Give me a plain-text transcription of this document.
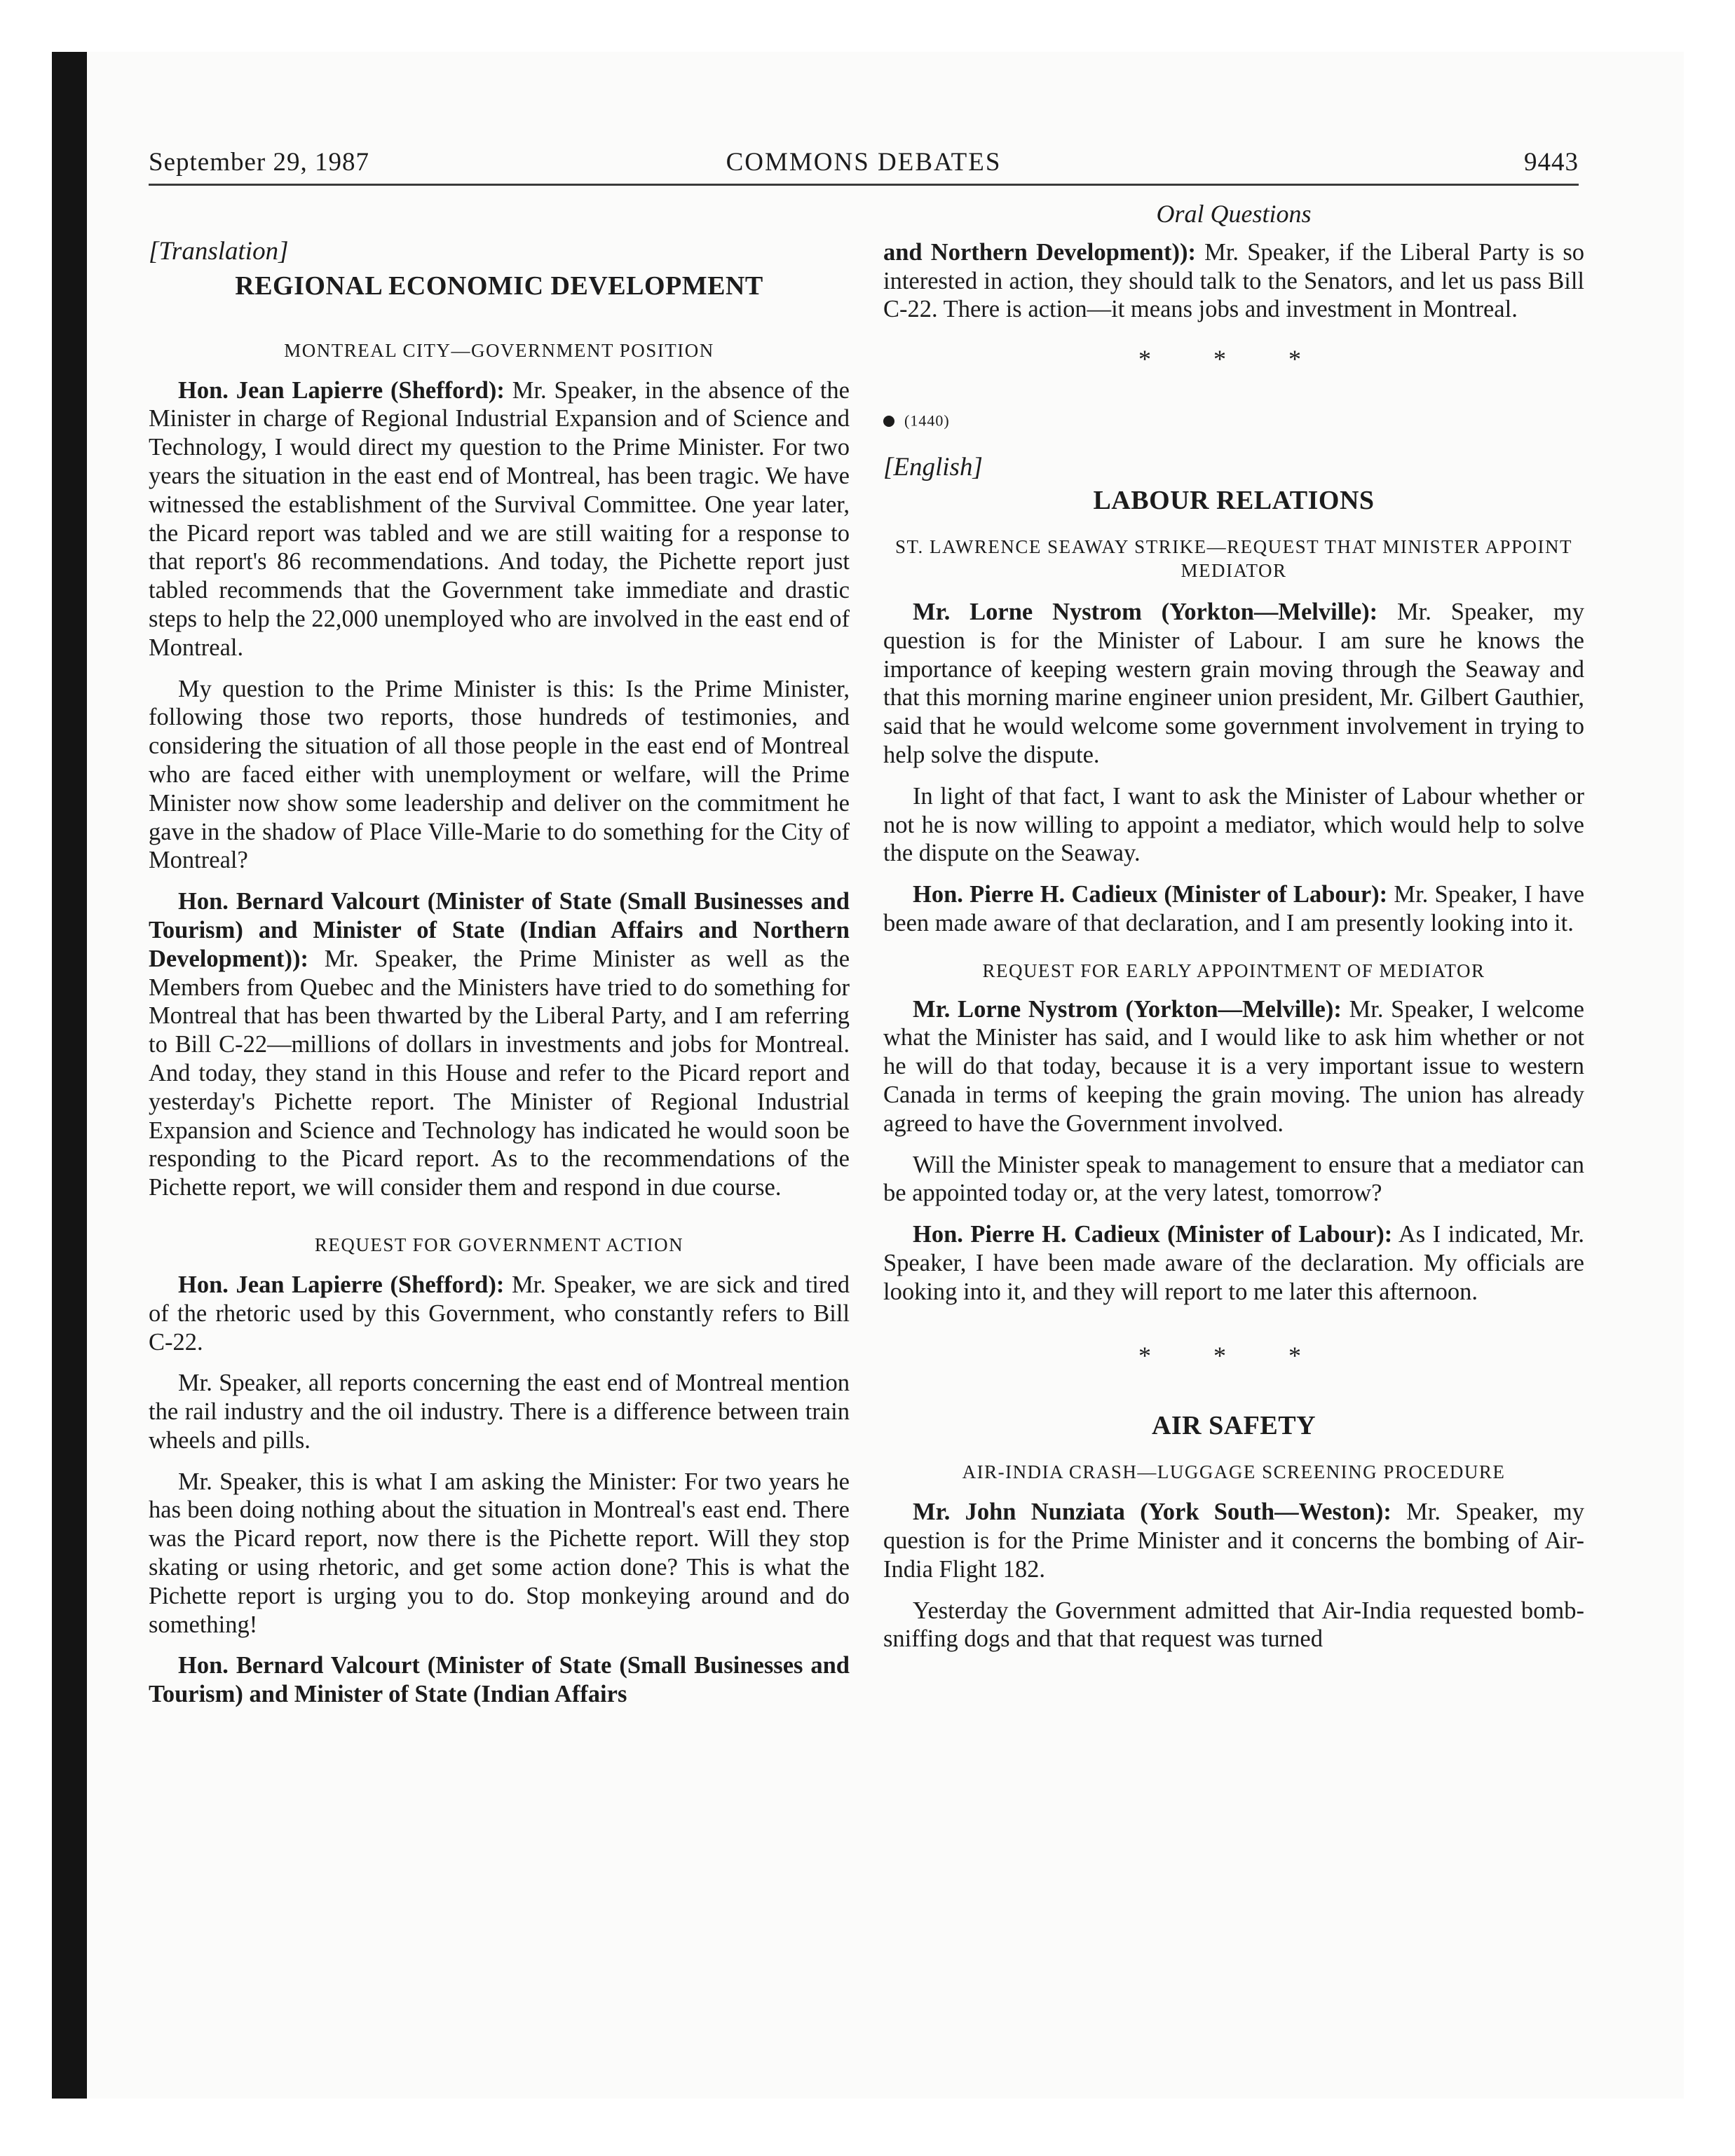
September 29, 1987	COMMONS DEBATES	9443

[Translation]

REGIONAL ECONOMIC DEVELOPMENT

MONTREAL CITY—GOVERNMENT POSITION

Hon. Jean Lapierre (Shefford): Mr. Speaker, in the absence of the Minister in charge of Regional Industrial Expansion and of Science and Technology, I would direct my question to the Prime Minister. For two years the situation in the east end of Montreal, has been tragic. We have witnessed the establishment of the Survival Committee. One year later, the Picard report was tabled and we are still waiting for a response to that report's 86 recommendations. And today, the Pichette report just tabled recommends that the Government take immediate and drastic steps to help the 22,000 unemployed who are involved in the east end of Montreal.

My question to the Prime Minister is this: Is the Prime Minister, following those two reports, those hundreds of testimonies, and considering the situation of all those people in the east end of Montreal who are faced either with unemployment or welfare, will the Prime Minister now show some leadership and deliver on the commitment he gave in the shadow of Place Ville-Marie to do something for the City of Montreal?

Hon. Bernard Valcourt (Minister of State (Small Businesses and Tourism) and Minister of State (Indian Affairs and Northern Development)): Mr. Speaker, the Prime Minister as well as the Members from Quebec and the Ministers have tried to do something for Montreal that has been thwarted by the Liberal Party, and I am referring to Bill C-22—millions of dollars in investments and jobs for Montreal. And today, they stand in this House and refer to the Picard report and yesterday's Pichette report. The Minister of Regional Industrial Expansion and Science and Technology has indicated he would soon be responding to the Picard report. As to the recommendations of the Pichette report, we will consider them and respond in due course.

REQUEST FOR GOVERNMENT ACTION

Hon. Jean Lapierre (Shefford): Mr. Speaker, we are sick and tired of the rhetoric used by this Government, who constantly refers to Bill C-22.

Mr. Speaker, all reports concerning the east end of Montreal mention the rail industry and the oil industry. There is a difference between train wheels and pills.

Mr. Speaker, this is what I am asking the Minister: For two years he has been doing nothing about the situation in Montreal's east end. There was the Picard report, now there is the Pichette report. Will they stop skating or using rhetoric, and get some action done? This is what the Pichette report is urging you to do. Stop monkeying around and do something!

Hon. Bernard Valcourt (Minister of State (Small Businesses and Tourism) and Minister of State (Indian Affairs

Oral Questions

and Northern Development)): Mr. Speaker, if the Liberal Party is so interested in action, they should talk to the Senators, and let us pass Bill C-22. There is action—it means jobs and investment in Montreal.

* * *

(1440)

[English]

LABOUR RELATIONS

ST. LAWRENCE SEAWAY STRIKE—REQUEST THAT MINISTER APPOINT MEDIATOR

Mr. Lorne Nystrom (Yorkton—Melville): Mr. Speaker, my question is for the Minister of Labour. I am sure he knows the importance of keeping western grain moving through the Seaway and that this morning marine engineer union president, Mr. Gilbert Gauthier, said that he would welcome some government involvement in trying to help solve the dispute.

In light of that fact, I want to ask the Minister of Labour whether or not he is now willing to appoint a mediator, which would help to solve the dispute on the Seaway.

Hon. Pierre H. Cadieux (Minister of Labour): Mr. Speaker, I have been made aware of that declaration, and I am presently looking into it.

REQUEST FOR EARLY APPOINTMENT OF MEDIATOR

Mr. Lorne Nystrom (Yorkton—Melville): Mr. Speaker, I welcome what the Minister has said, and I would like to ask him whether or not he will do that today, because it is a very important issue to western Canada in terms of keeping the grain moving. The union has already agreed to have the Government involved.

Will the Minister speak to management to ensure that a mediator can be appointed today or, at the very latest, tomorrow?

Hon. Pierre H. Cadieux (Minister of Labour): As I indicated, Mr. Speaker, I have been made aware of the declaration. My officials are looking into it, and they will report to me later this afternoon.

* * *

AIR SAFETY

AIR-INDIA CRASH—LUGGAGE SCREENING PROCEDURE

Mr. John Nunziata (York South—Weston): Mr. Speaker, my question is for the Prime Minister and it concerns the bombing of Air-India Flight 182.

Yesterday the Government admitted that Air-India requested bomb-sniffing dogs and that that request was turned
